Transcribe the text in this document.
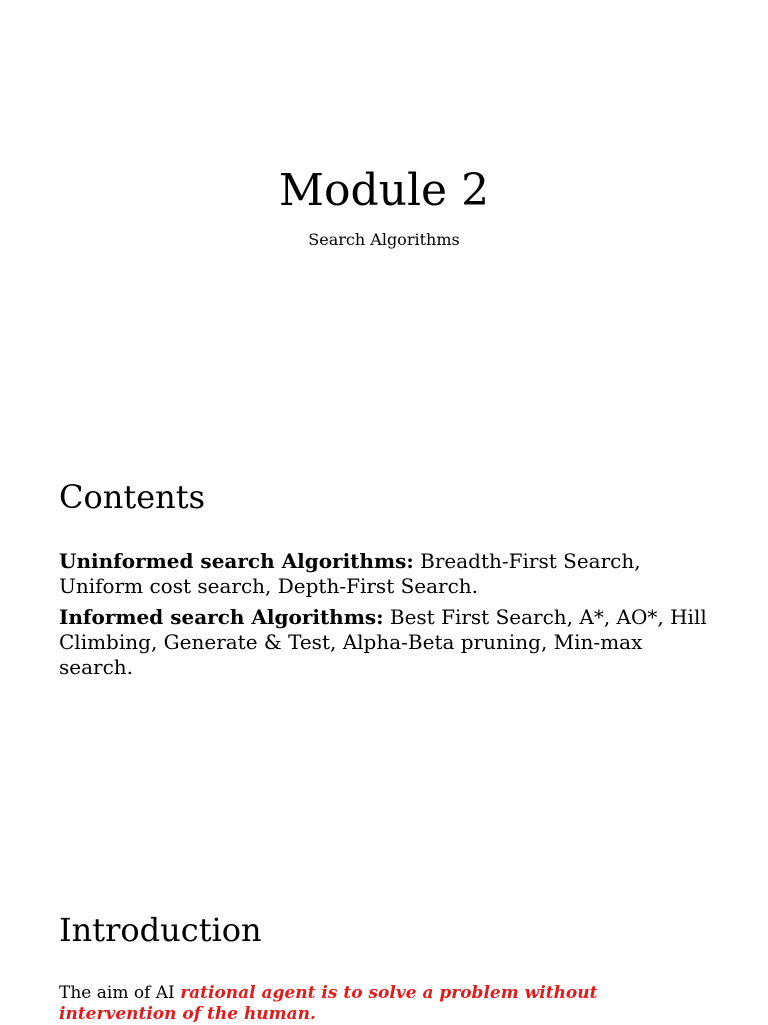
Module 2

Search Algorithms

Contents

Uninformed search Algorithms: Breadth-First Search, Uniform cost search, Depth-First Search.

Informed search Algorithms: Best First Search, A*, AO*, Hill Climbing, Generate & Test, Alpha-Beta pruning, Min-max search.

Introduction

The aim of AI rational agent is to solve a problem without intervention of the human.
